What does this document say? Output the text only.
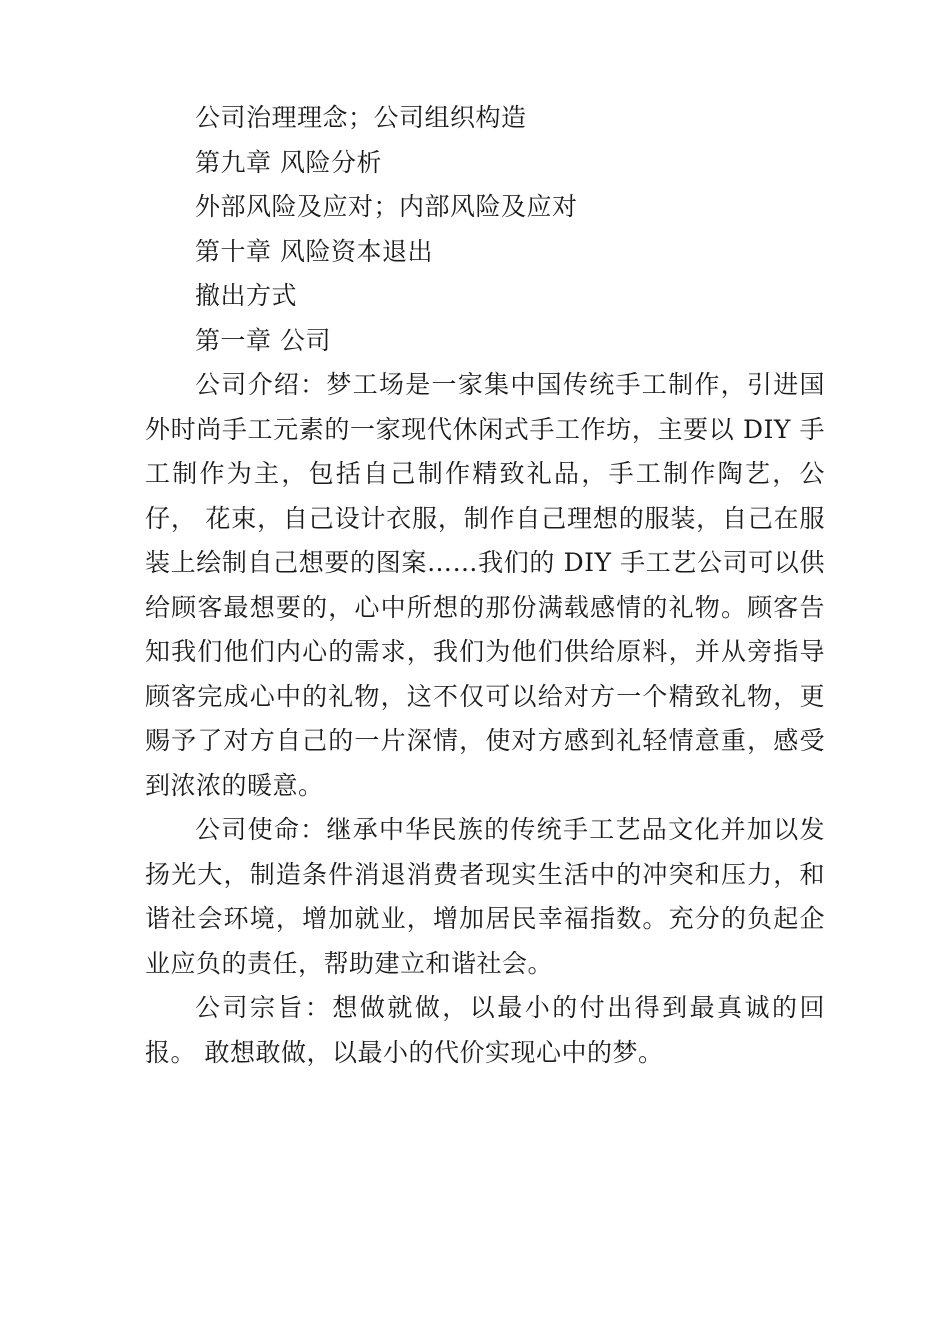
公司治理理念；公司组织构造

第九章 风险分析

外部风险及应对；内部风险及应对

第十章 风险资本退出

撤出方式

第一章 公司

公司介绍：梦工场是一家集中国传统手工制作，引进国外时尚手工元素的一家现代休闲式手工作坊，主要以 DIY 手工制作为主，包括自己制作精致礼品，手工制作陶艺，公仔， 花束，自己设计衣服，制作自己理想的服装，自己在服装上绘制自己想要的图案……我们的 DIY 手工艺公司可以供给顾客最想要的，心中所想的那份满载感情的礼物。顾客告知我们他们内心的需求，我们为他们供给原料，并从旁指导顾客完成心中的礼物，这不仅可以给对方一个精致礼物，更赐予了对方自己的一片深情，使对方感到礼轻情意重，感受到浓浓的暖意。

公司使命：继承中华民族的传统手工艺品文化并加以发扬光大，制造条件消退消费者现实生活中的冲突和压力，和谐社会环境，增加就业，增加居民幸福指数。充分的负起企业应负的责任，帮助建立和谐社会。

公司宗旨：想做就做，以最小的付出得到最真诚的回报。 敢想敢做，以最小的代价实现心中的梦。
